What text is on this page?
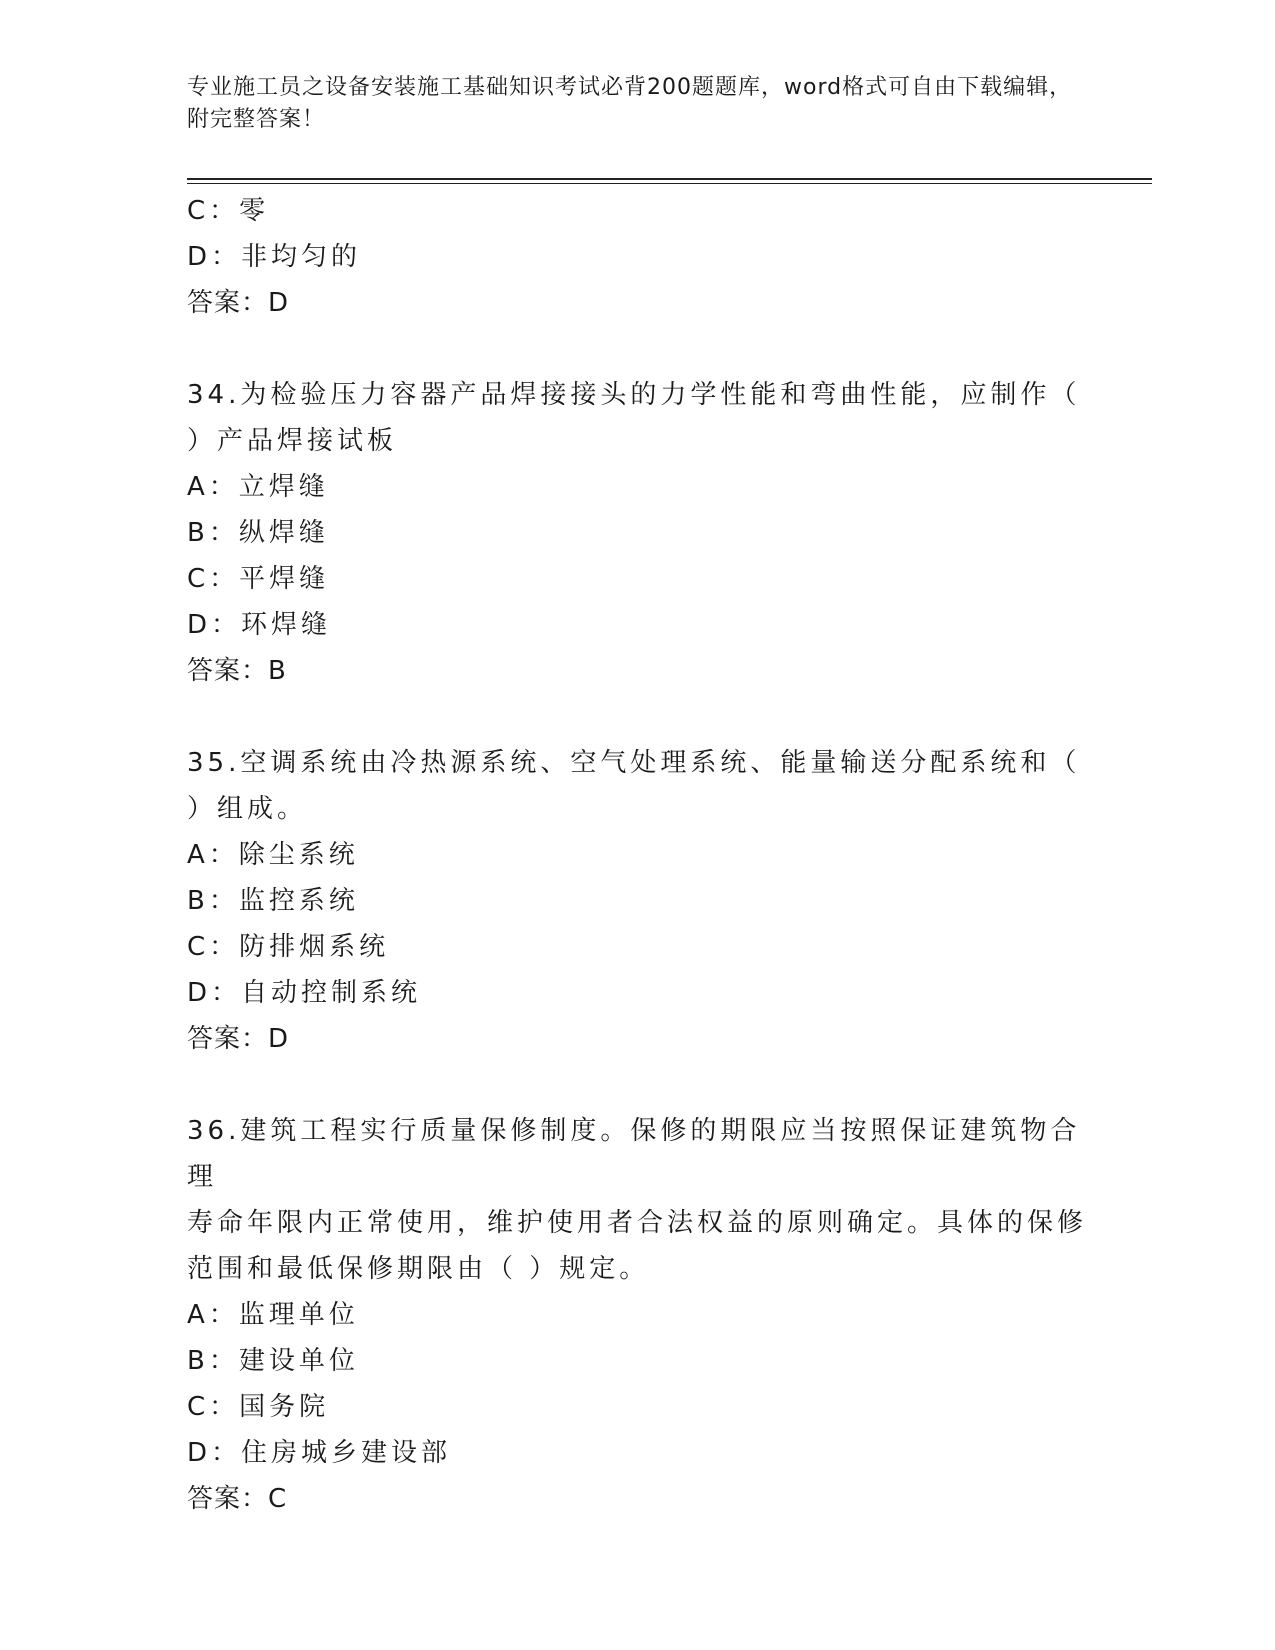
专业施工员之设备安装施工基础知识考试必背200题题库，word格式可自由下载编辑，附完整答案！
C：零
D：非均匀的
答案：D
34.为检验压力容器产品焊接接头的力学性能和弯曲性能，应制作（
）产品焊接试板
A：立焊缝
B：纵焊缝
C：平焊缝
D：环焊缝
答案：B
35.空调系统由冷热源系统、空气处理系统、能量输送分配系统和（
）组成。
A：除尘系统
B：监控系统
C：防排烟系统
D：自动控制系统
答案：D
36.建筑工程实行质量保修制度。保修的期限应当按照保证建筑物合理
寿命年限内正常使用，维护使用者合法权益的原则确定。具体的保修
范围和最低保修期限由（ ）规定。
A：监理单位
B：建设单位
C：国务院
D：住房城乡建设部
答案：C
